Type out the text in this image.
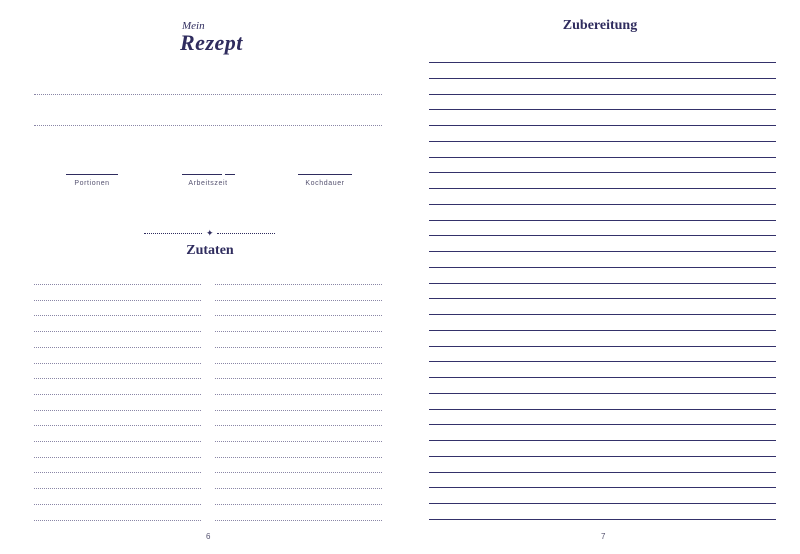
Mein
Rezept
Portionen	Arbeitszeit	Kochdauer
✦
Zutaten
6
Zubereitung
7
